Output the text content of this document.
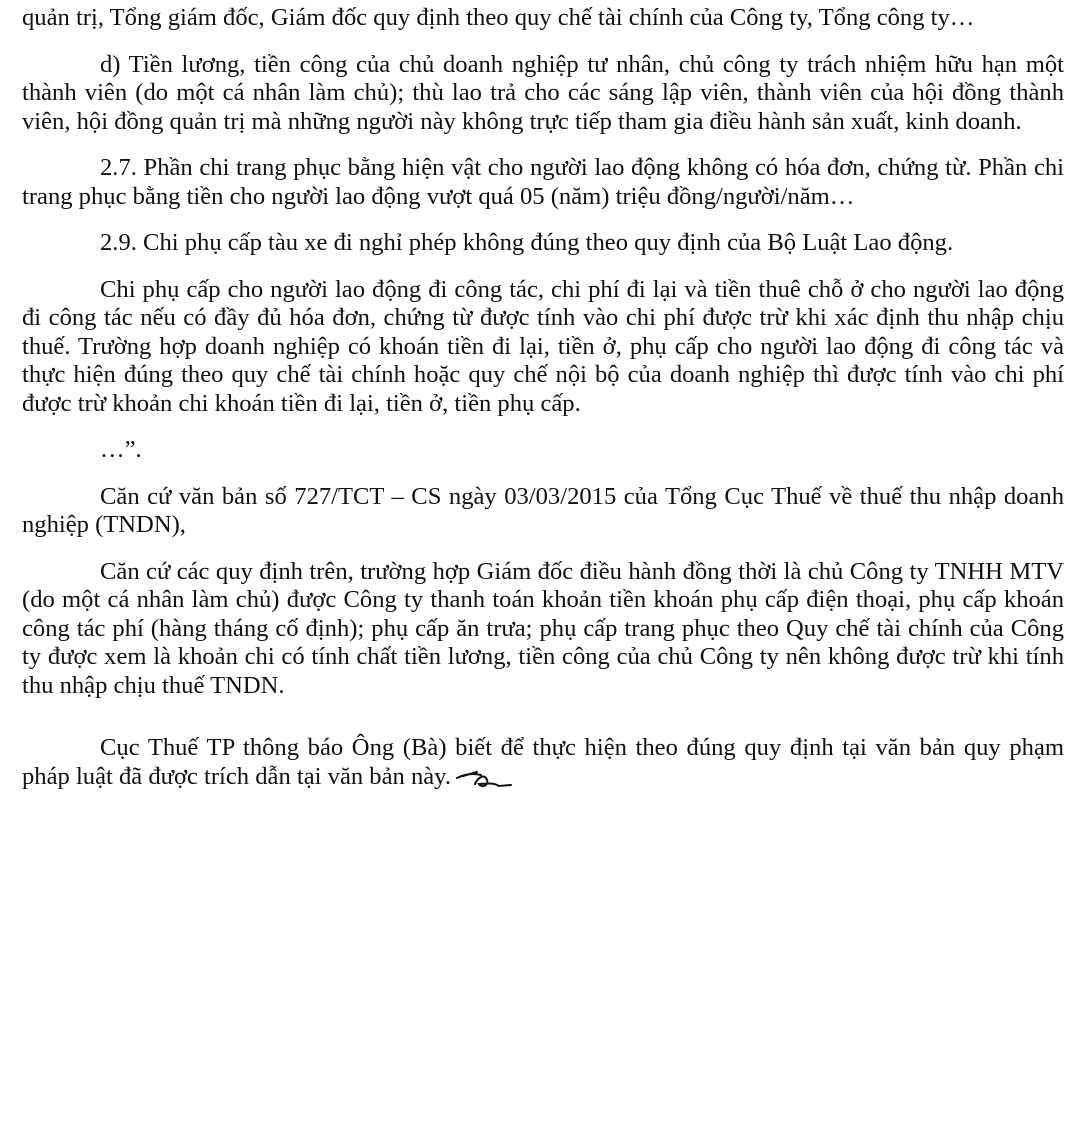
quản trị, Tổng giám đốc, Giám đốc quy định theo quy chế tài chính của Công ty, Tổng công ty…

d) Tiền lương, tiền công của chủ doanh nghiệp tư nhân, chủ công ty trách nhiệm hữu hạn một thành viên (do một cá nhân làm chủ); thù lao trả cho các sáng lập viên, thành viên của hội đồng thành viên, hội đồng quản trị mà những người này không trực tiếp tham gia điều hành sản xuất, kinh doanh.

2.7. Phần chi trang phục bằng hiện vật cho người lao động không có hóa đơn, chứng từ. Phần chi trang phục bằng tiền cho người lao động vượt quá 05 (năm) triệu đồng/người/năm…

2.9. Chi phụ cấp tàu xe đi nghỉ phép không đúng theo quy định của Bộ Luật Lao động.

Chi phụ cấp cho người lao động đi công tác, chi phí đi lại và tiền thuê chỗ ở cho người lao động đi công tác nếu có đầy đủ hóa đơn, chứng từ được tính vào chi phí được trừ khi xác định thu nhập chịu thuế. Trường hợp doanh nghiệp có khoán tiền đi lại, tiền ở, phụ cấp cho người lao động đi công tác và thực hiện đúng theo quy chế tài chính hoặc quy chế nội bộ của doanh nghiệp thì được tính vào chi phí được trừ khoản chi khoán tiền đi lại, tiền ở, tiền phụ cấp.

…”.

Căn cứ văn bản số 727/TCT – CS ngày 03/03/2015 của Tổng Cục Thuế về thuế thu nhập doanh nghiệp (TNDN),

Căn cứ các quy định trên, trường hợp Giám đốc điều hành đồng thời là chủ Công ty TNHH MTV (do một cá nhân làm chủ) được Công ty thanh toán khoản tiền khoán phụ cấp điện thoại, phụ cấp khoán công tác phí (hàng tháng cố định); phụ cấp ăn trưa; phụ cấp trang phục theo Quy chế tài chính của Công ty được xem là khoản chi có tính chất tiền lương, tiền công của chủ Công ty nên không được trừ khi tính thu nhập chịu thuế TNDN.

Cục Thuế TP thông báo Ông (Bà) biết để thực hiện theo đúng quy định tại văn bản quy phạm pháp luật đã được trích dẫn tại văn bản này.
